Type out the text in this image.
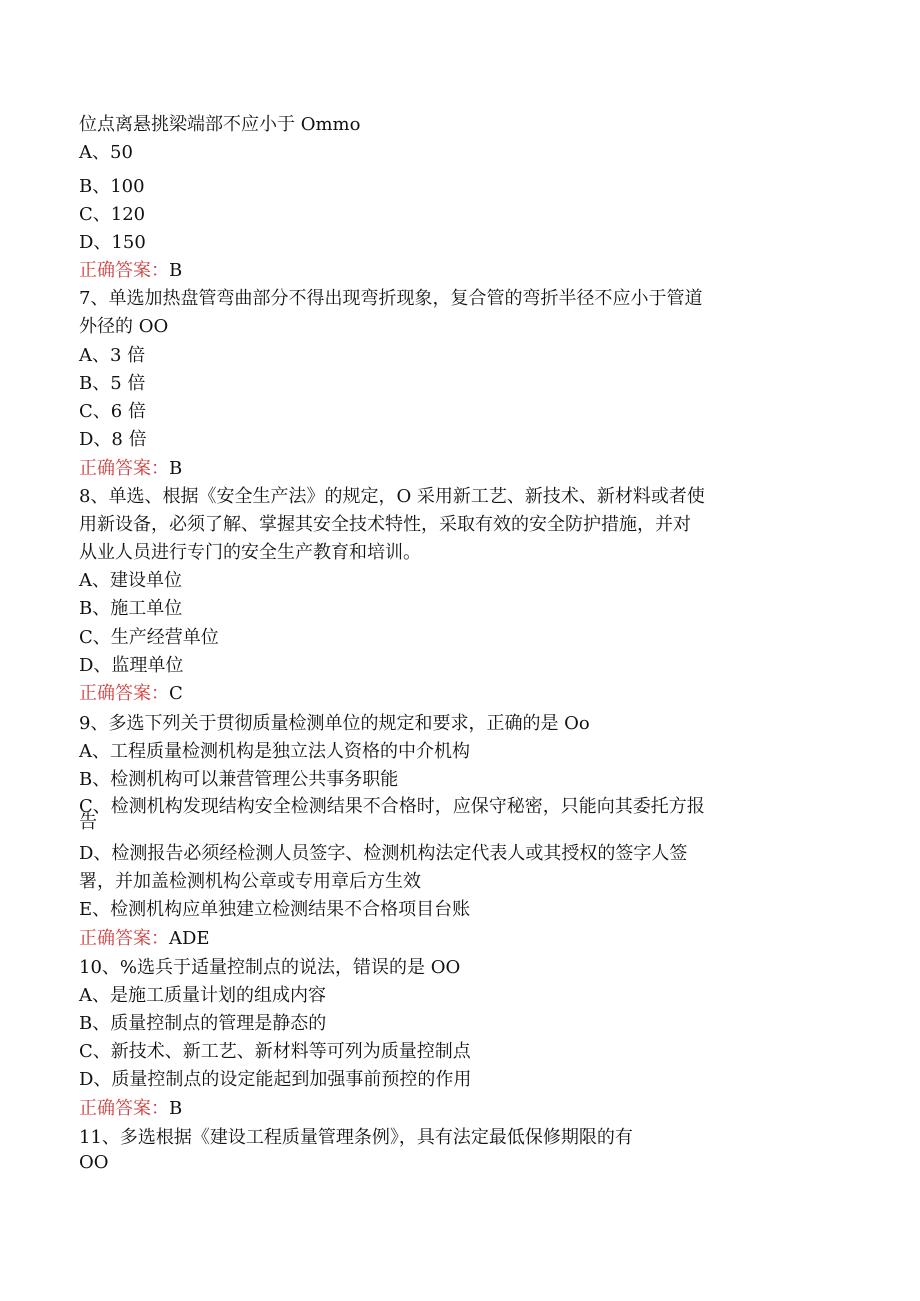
位点离悬挑梁端部不应小于 Ommo
A、50
B、100
C、120
D、150
7、单选加热盘管弯曲部分不得出现弯折现象，复合管的弯折半径不应小于管道
外径的 OO
A、3 倍
B、5 倍
C、6 倍
D、8 倍
8、单选、根据《安全生产法》的规定，O 采用新工艺、新技术、新材料或者使
用新设备，必须了解、掌握其安全技术特性，采取有效的安全防护措施，并对
从业人员进行专门的安全生产教育和培训。
A、建设单位
B、施工单位
C、生产经营单位
D、监理单位
9、多选下列关于贯彻质量检测单位的规定和要求，正确的是 Oo
A、工程质量检测机构是独立法人资格的中介机构
B、检测机构可以兼营管理公共事务职能
C、检测机构发现结构安全检测结果不合格时，应保守秘密，只能向其委托方报
告
D、检测报告必须经检测人员签字、检测机构法定代表人或其授权的签字人签
署，并加盖检测机构公章或专用章后方生效
E、检测机构应单独建立检测结果不合格项目台账
10、%选兵于适量控制点的说法，错误的是 OO
A、是施工质量计划的组成内容
B、质量控制点的管理是静态的
C、新技术、新工艺、新材料等可列为质量控制点
D、质量控制点的设定能起到加强事前预控的作用
11、多选根据《建设工程质量管理条例》，具有法定最低保修期限的有
OO
正确答案：B
正确答案：B
正确答案：C
正确答案：ADE
正确答案：B
